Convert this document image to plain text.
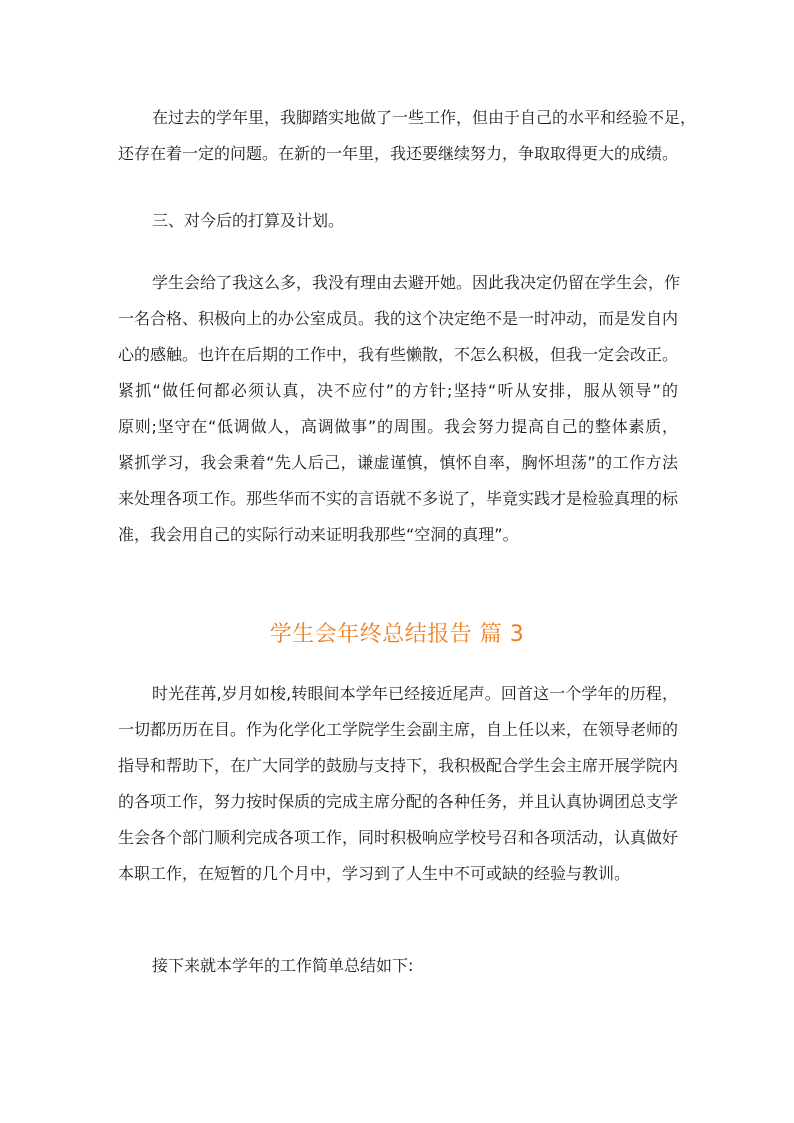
在过去的学年里，我脚踏实地做了一些工作，但由于自己的水平和经验不足，
还存在着一定的问题。在新的一年里，我还要继续努力，争取取得更大的成绩。
三、对今后的打算及计划。
学生会给了我这么多，我没有理由去避开她。因此我决定仍留在学生会，作
一名合格、积极向上的办公室成员。我的这个决定绝不是一时冲动，而是发自内
心的感触。也许在后期的工作中，我有些懒散，不怎么积极，但我一定会改正。
紧抓“做任何都必须认真，决不应付”的方针;坚持“听从安排，服从领导”的
原则;坚守在“低调做人，高调做事”的周围。我会努力提高自己的整体素质，
紧抓学习，我会秉着“先人后己，谦虚谨慎，慎怀自率，胸怀坦荡”的工作方法
来处理各项工作。那些华而不实的言语就不多说了，毕竟实践才是检验真理的标
准，我会用自己的实际行动来证明我那些“空洞的真理”。
学生会年终总结报告 篇 3
时光荏苒,岁月如梭,转眼间本学年已经接近尾声。回首这一个学年的历程，
一切都历历在目。作为化学化工学院学生会副主席，自上任以来，在领导老师的
指导和帮助下，在广大同学的鼓励与支持下，我积极配合学生会主席开展学院内
的各项工作，努力按时保质的完成主席分配的各种任务，并且认真协调团总支学
生会各个部门顺利完成各项工作，同时积极响应学校号召和各项活动，认真做好
本职工作，在短暂的几个月中，学习到了人生中不可或缺的经验与教训。
接下来就本学年的工作简单总结如下:
